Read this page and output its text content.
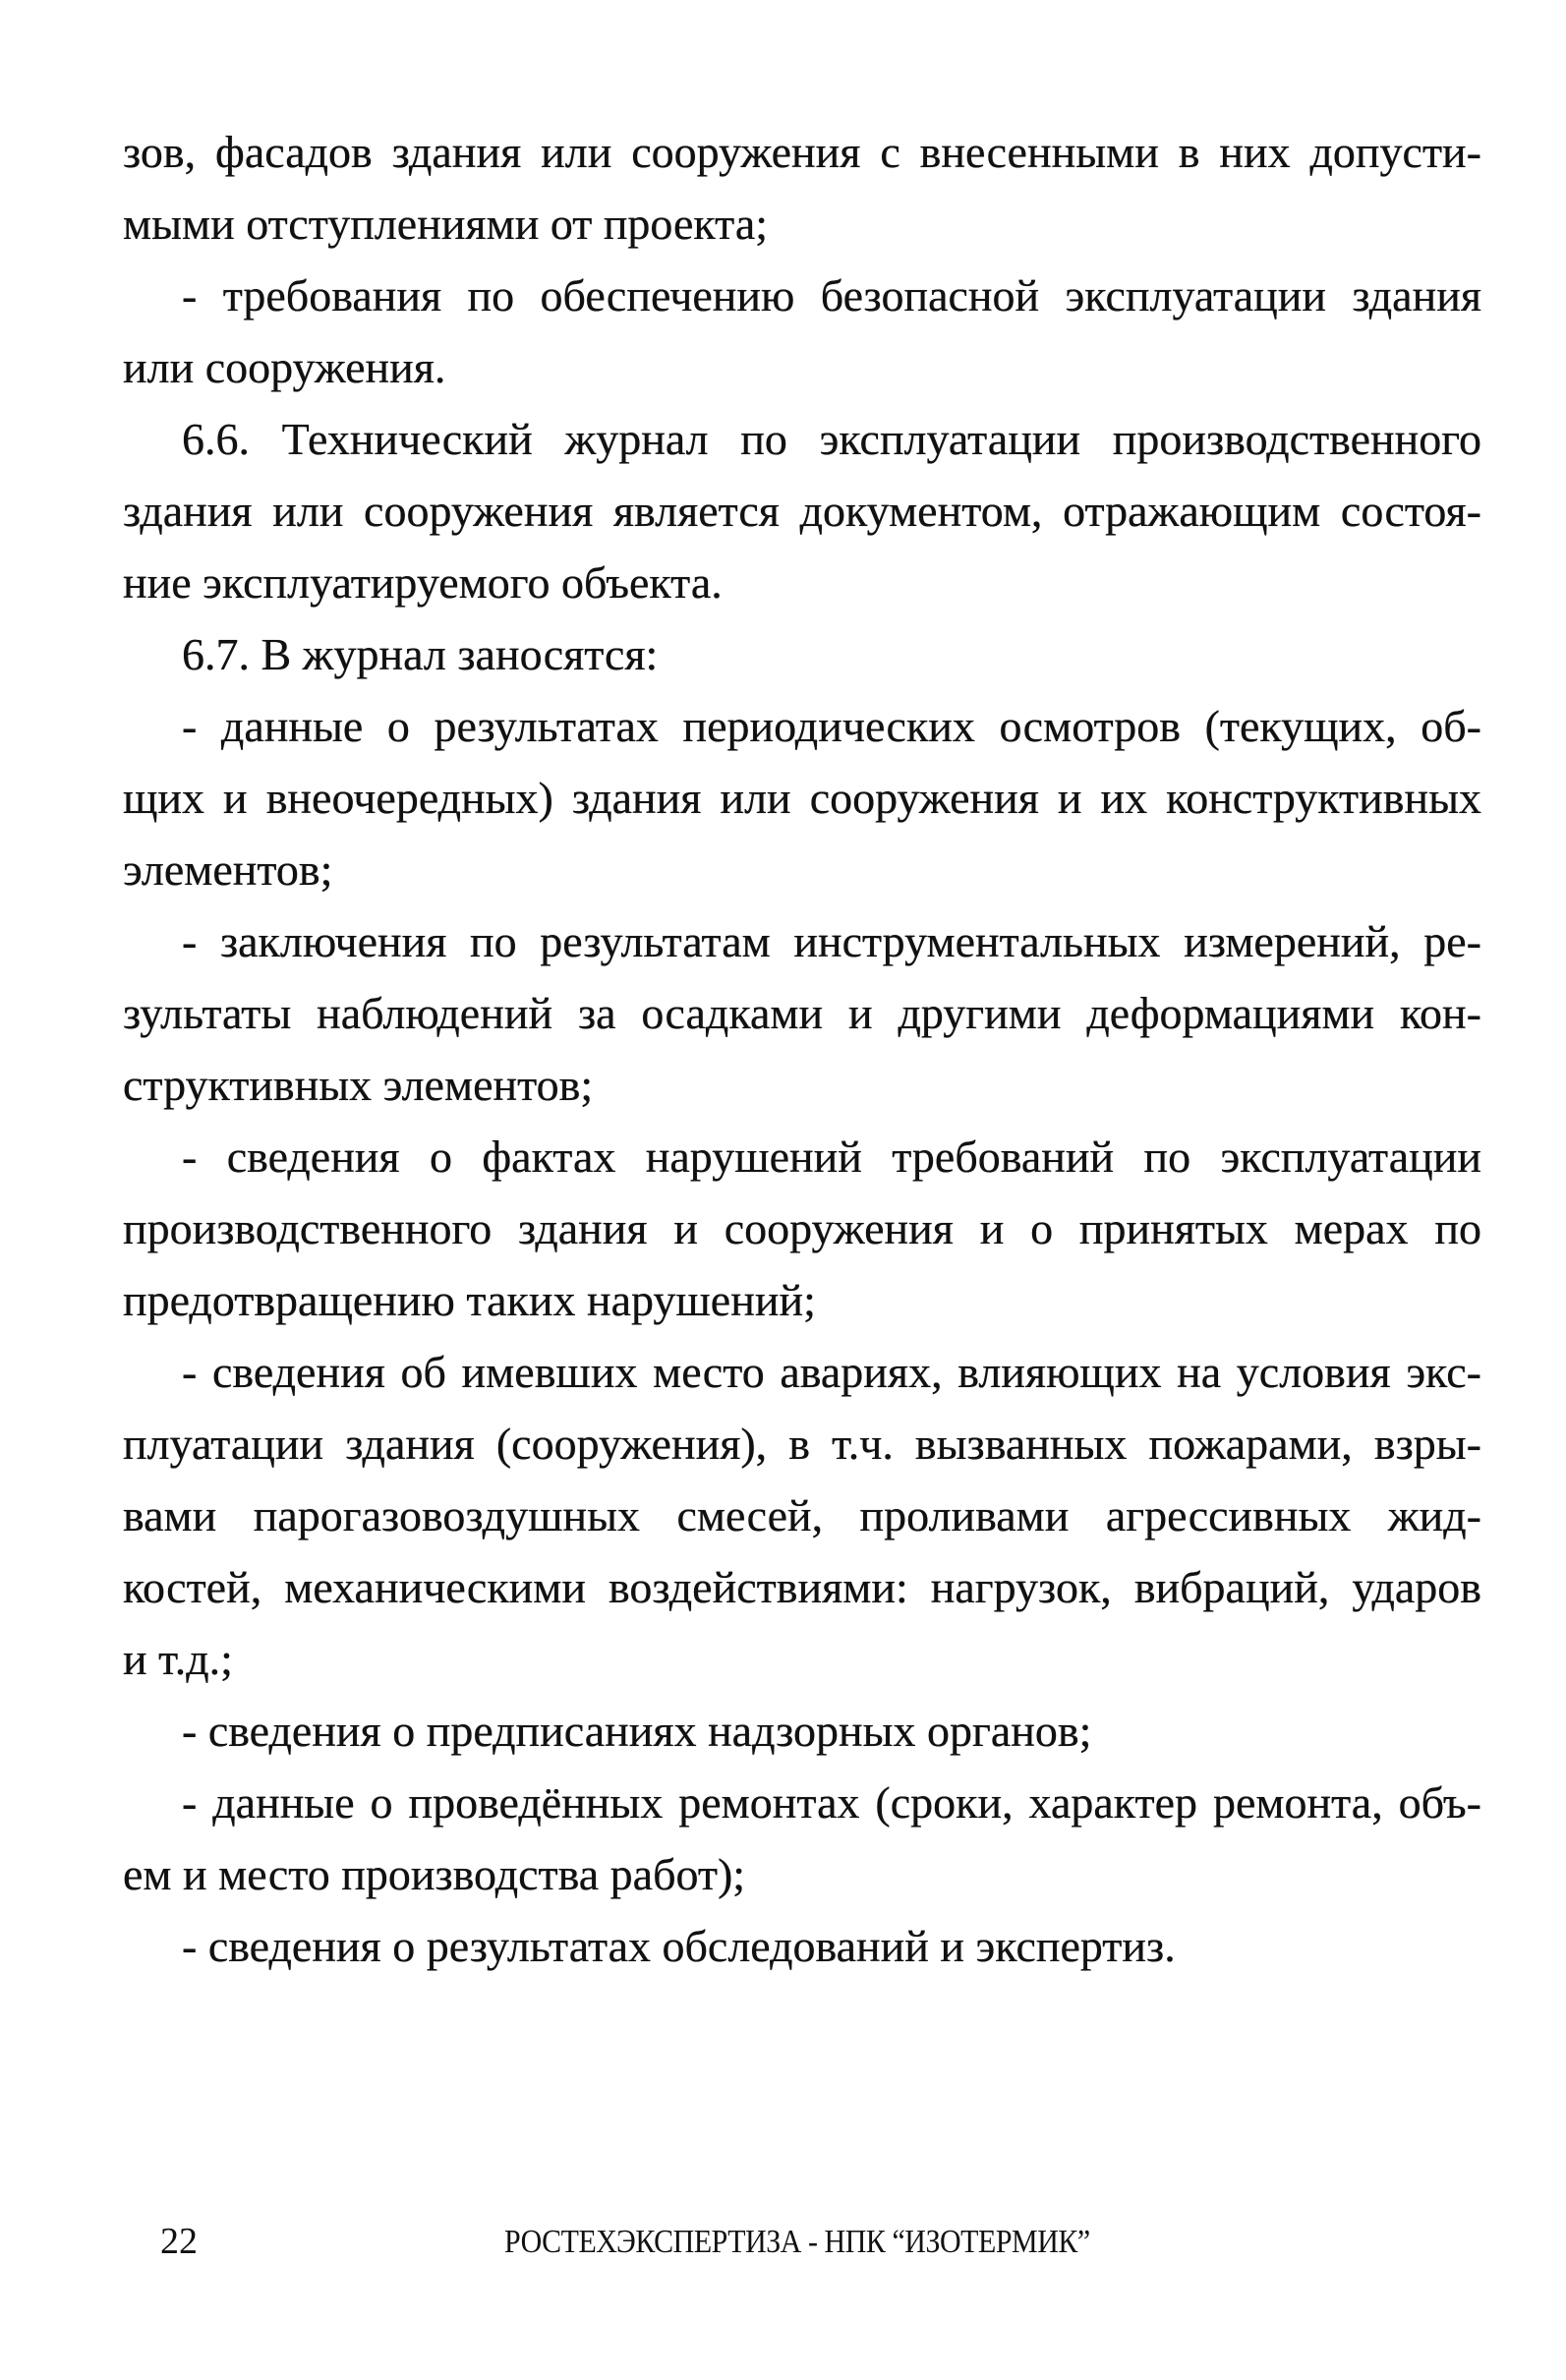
зов, фасадов здания или сооружения с внесенными в них допусти-
мыми отступлениями от проекта;
- требования по обеспечению безопасной эксплуатации здания
или сооружения.
6.6. Технический журнал по эксплуатации производственного
здания или сооружения является документом, отражающим состоя-
ние эксплуатируемого объекта.
6.7. В журнал заносятся:
- данные о результатах периодических осмотров (текущих, об-
щих и внеочередных) здания или сооружения и их конструктивных
элементов;
- заключения по результатам инструментальных измерений, ре-
зультаты наблюдений за осадками и другими деформациями кон-
структивных элементов;
- сведения о фактах нарушений требований по эксплуатации
производственного здания и сооружения и о принятых мерах по
предотвращению таких нарушений;
- сведения об имевших место авариях, влияющих на условия экс-
плуатации здания (сооружения), в т.ч. вызванных пожарами, взры-
вами парогазовоздушных смесей, проливами агрессивных жид-
костей, механическими воздействиями: нагрузок, вибраций, ударов
и т.д.;
- сведения о предписаниях надзорных органов;
- данные о проведённых ремонтах (сроки, характер ремонта, объ-
ем и место производства работ);
- сведения о результатах обследований и экспертиз.
22	РОСТЕХЭКСПЕРТИЗА - НПК “ИЗОТЕРМИК”
